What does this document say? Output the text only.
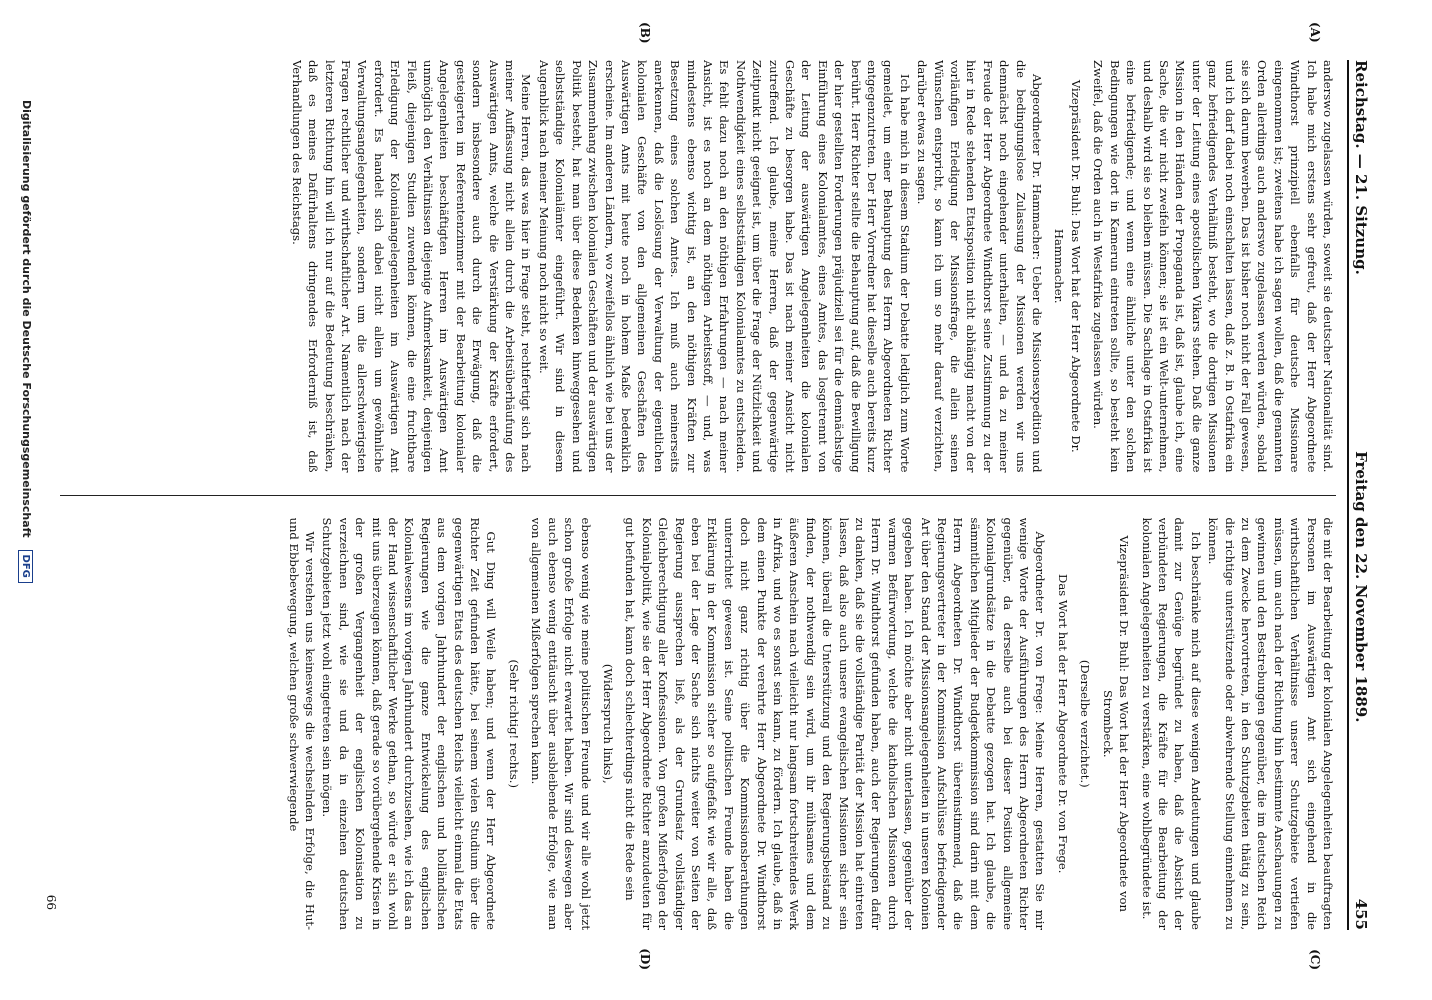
Reichstag. — 21. Sitzung.
Freitag den 22. November 1889.
455
(A)
(B)
(C)
(D)

anderswo zugelassen würden, soweit sie deutscher Nationalität sind. Ich habe mich erstens sehr gefreut, daß der Herr Abgeordnete Windthorst prinzipiell ebenfalls für deutsche Missionare eingenommen ist; zweitens habe ich sagen wollen, daß die genannten Orden allerdings auch anderswo zugelassen werden würden, sobald sie sich darum bewerben. Das ist bisher noch nicht der Fall gewesen, und ich darf dabei noch einschalten lassen, daß z. B. in Ostafrika ein ganz befriedigendes Verhältniß besteht, wo die dortigen Missionen unter der Leitung eines apostolischen Vikars stehen. Daß die ganze Mission in den Händen der Propaganda ist, daß ist, glaube ich, eine Sache, die wir nicht zweifeln können; sie ist ein Welt-unternehmen, und deshalb wird sie so bleiben müssen. Die Sachlage in Ostafrika ist eine befriedigende; und wenn eine ähnliche unter den solchen Bedingungen wie dort in Kamerun eintreten sollte, so besteht kein Zweifel, daß die Orden auch in Westafrika zugelassen würden.

Vizepräsident Dr. Buhl: Das Wort hat der Herr Abgeordnete Dr. Hammacher.

Abgeordneter Dr. Hammacher: Ueber die Missionsexpedition und die bedingungslose Zulassung der Missionen werden wir uns demnächst noch eingehender unterhalten, — und da zu meiner Freude der Herr Abgeordnete Windthorst seine Zustimmung zu der hier in Rede stehenden Etatsposition nicht abhängig macht von der vorläufigen Erledigung der Missionsfrage, die allein seinen Wünschen entspricht, so kann ich um so mehr darauf verzichten, darüber etwas zu sagen.

Ich habe mich in diesem Stadium der Debatte lediglich zum Worte gemeldet, um einer Behauptung des Herrn Abgeordneten Richter entgegenzutreten. Der Herr Vorredner hat dieselbe auch bereits kurz berührt. Herr Richter stellte die Behauptung auf, daß die Bewilligung der hier gestellten Forderungen präjudiziell sei für die demnächstige Einführung eines Kolonialamtes, eines Amtes, das losgetrennt von der Leitung der auswärtigen Angelegenheiten die kolonialen Geschäfte zu besorgen habe. Das ist nach meiner Ansicht nicht zutreffend. Ich glaube, meine Herren, daß der gegenwärtige Zeitpunkt nicht geeignet ist, um über die Frage der Nützlichkeit und Nothwendigkeit eines selbstständigen Kolonialamtes zu entscheiden. Es fehlt dazu noch an den nöthigen Erfahrungen — nach meiner Ansicht, ist es noch an dem nöthigen Arbeitsstoff, — und, was mindestens ebenso wichtig ist, an den nöthigen Kräften zur Besetzung eines solchen Amtes. Ich muß auch meinerseits anerkennen, daß die Loslösung der Verwaltung der eigentlichen kolonialen Geschäfte von den allgemeinen Geschäften des Auswärtigen Amts mit heute noch in hohem Maße bedenklich erscheine. Im anderen Ländern, wo zweifellos ähnlich wie bei uns der Zusammenhang zwischen kolonialen Geschäften und der auswärtigen Politik besteht, hat man über diese Bedenken hinweggesehen und selbstständige Kolonialämter eingeführt. Wir sind in diesem Augenblick nach meiner Meinung noch nicht so weit.

Meine Herren, das was hier in Frage steht, rechtfertigt sich nach meiner Auffassung nicht allein durch die Arbeitsüberhäufung des Auswärtigen Amts, welche die Verstärkung der Kräfte erfordert, sondern insbesondere auch durch die Erwägung, daß die gesteigerten im Referentenzimmer mit der Bearbeitung kolonialer Angelegenheiten beschäftigten Herren im Auswärtigen Amt unmöglich den Verhältnissen diejenige Aufmerksamkeit, denjenigen Fleiß, diejenigen Studien zuwenden können, die eine fruchtbare Erledigung der Kolonialangelegenheiten im Auswärtigen Amt erfordert. Es handelt sich dabei nicht allein um gewöhnliche Verwaltungsangelegenheiten, sondern um die allerschwierigsten Fragen rechtlicher und wirthschaftlicher Art. Namentlich nach der letzteren Richtung hin will ich nur auf die Bedeutung beschränken, daß es meines Dafürhaltens dringendes Erforderniß ist, daß Verhandlungen des Reichstags.

die mit der Bearbeitung der kolonialen Angelegenheiten beauftragten Personen im Auswärtigen Amt sich eingehend in die wirthschaftlichen Verhältnisse unserer Schutzgebiete vertiefen müssen, um auch nach der Richtung hin bestimmte Anschauungen zu gewinnen und den Bestrebungen gegenüber, die im deutschen Reich zu dem Zwecke hervortreten, in den Schutzgebieten thätig zu sein, die richtige unterstützende oder abwehrende Stellung einnehmen zu können.

Ich beschränke mich auf diese wenigen Andeutungen und glaube damit zur Genüge begründet zu haben, daß die Absicht der verbündeten Regierungen, die Kräfte für die Bearbeitung der kolonialen Angelegenheiten zu verstärken, eine wohlbegründete ist.

Vizepräsident Dr. Buhl: Das Wort hat der Herr Abgeordnete von Strombeck.

(Derselbe verzichtet.)

Das Wort hat der Herr Abgeordnete Dr. von Frege.

Abgeordneter Dr. von Frege: Meine Herren, gestatten Sie mir wenige Worte der Ausführungen des Herrn Abgeordneten Richter gegenüber, da derselbe auch bei dieser Position allgemeine Kolonialgrundsätze in die Debatte gezogen hat. Ich glaube, die sämmtlichen Mitglieder der Budgetkommission sind darin mit dem Herrn Abgeordneten Dr. Windthorst übereinstimmend, daß die Regierungsvertreter in der Kommission Aufschlüsse befriedigender Art über den Stand der Missionsangelegenheiten in unseren Kolonien gegeben haben. Ich möchte aber nicht unterlassen, gegenüber der warmen Befürwortung, welche die katholischen Missionen durch Herrn Dr. Windthorst gefunden haben, auch der Regierungen dafür zu danken, daß sie die vollständige Parität der Mission hat eintreten lassen, daß also auch unsere evangelischen Missionen sicher sein können, überall die Unterstützung und den Regierungsbeistand zu finden, der nothwendig sein wird, um ihr mühsames und dem äußeren Anschein nach vielleicht nur langsam fortschreitendes Werk in Afrika, und wo es sonst sein kann, zu fördern. Ich glaube, daß in dem einen Punkte der verehrte Herr Abgeordnete Dr. Windthorst doch nicht ganz richtig über die Kommissionsberathungen unterrichtet gewesen ist. Seine politischen Freunde haben die Erklärung in der Kommission sicher so aufgefaßt wie wir alle, daß eben bei der Lage der Sache sich nichts weiter von Seiten der Regierung aussprechen ließ, als der Grundsatz vollständiger Gleichberechtigung aller Konfessionen. Von großen Mißerfolgen der Kolonialpolitik, wie sie der Herr Abgeordnete Richter anzudeuten für gut befunden hat, kann doch schlechterdings nicht die Rede sein

(Widerspruch links),

ebenso wenig wie meine politischen Freunde und wir alle wohl jetzt schon große Erfolge nicht erwartet haben. Wir sind deswegen aber auch ebenso wenig enttäuscht über ausbleibende Erfolge, wie man von allgemeinen Mißerfolgen sprechen kann.

(Sehr richtig! rechts.)

Gut Ding will Weile haben; und wenn der Herr Abgeordnete Richter Zeit gefunden hätte, bei seinem vielen Studium über die gegenwärtigen Etats des deutschen Reichs vielleicht einmal die Etats aus dem vorigen Jahrhundert der englischen und holländischen Regierungen wie die ganze Entwickelung des englischen Kolonialwesens im vorigen Jahrhundert durchzusehen, wie ich das an der Hand wissenschaftlicher Werke gethan, so würde er sich wohl mit uns überzeugen können, daß gerade so vorübergehende Krisen in der großen Vergangenheit der englischen Kolonisation zu verzeichnen sind, wie sie und da in einzelnen deutschen Schutzgebieten jetzt wohl eingetreten sein mögen.

Wir verstehen uns keineswegs die wechselnden Erfolge, die Hut- und Ebbebewegung, welchen große schwerwiegende

66
Digitalisierung gefördert durch die Deutsche Forschungsgemeinschaft DFG
